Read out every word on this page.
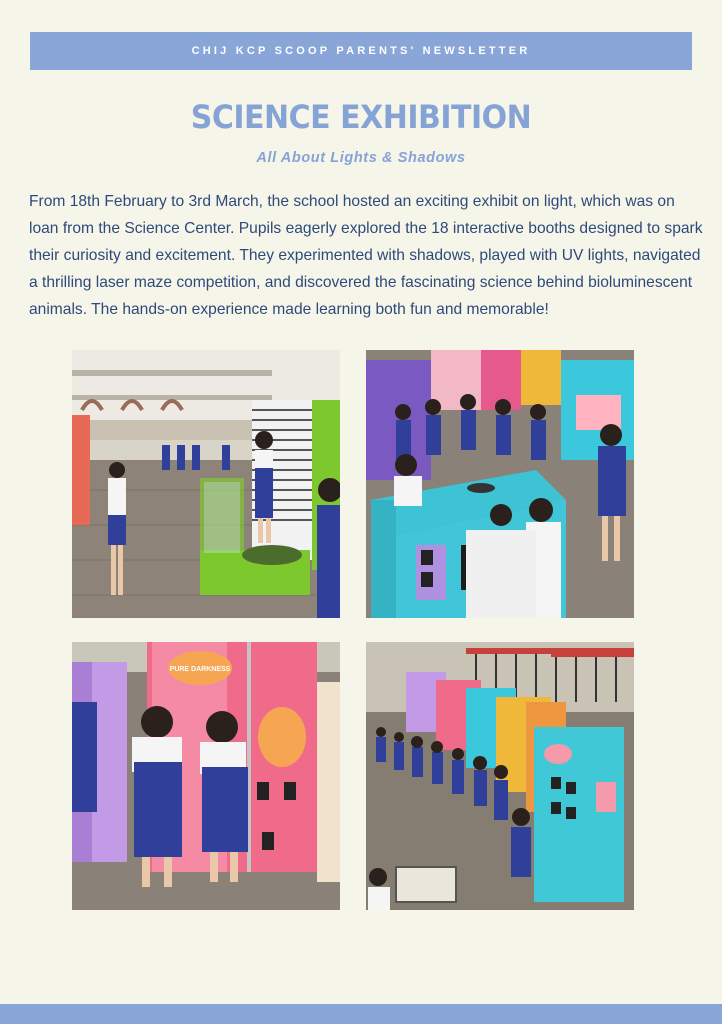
CHIJ KCP SCOOP PARENTS' NEWSLETTER
SCIENCE EXHIBITION
All About Lights & Shadows

From 18th February to 3rd March, the school hosted an exciting exhibit on light, which was on loan from the Science Center. Pupils eagerly explored the 18 interactive booths designed to spark their curiosity and excitement. They experimented with shadows, played with UV lights, navigated a thrilling laser maze competition, and discovered the fascinating science behind bioluminescent animals. The hands-on experience made learning both fun and memorable!

PURE DARKNESS
